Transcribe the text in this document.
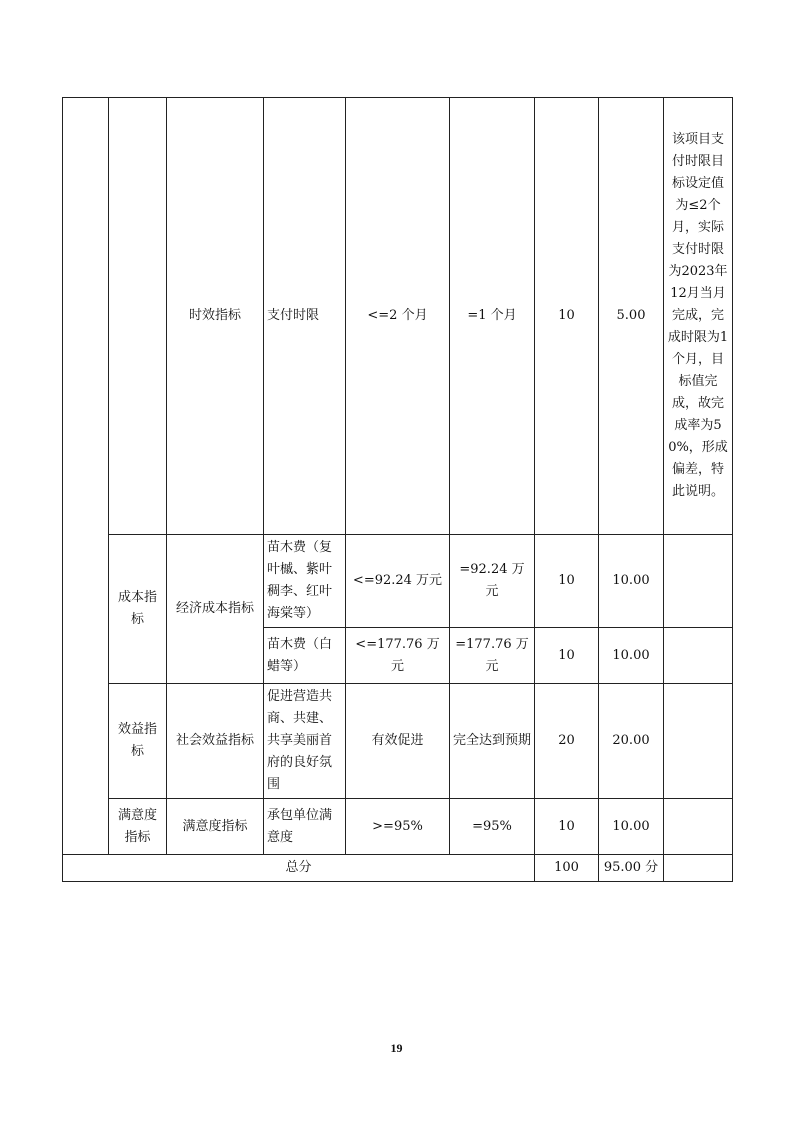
		时效指标	支付时限	<=2 个月	=1 个月	10	5.00	该项目支付时限目标设定值为≤2个月，实际支付时限为2023年12月当月完成，完成时限为1个月，目标值完成，故完成率为50%，形成偏差，特此说明。
	成本指标	经济成本指标	苗木费（复叶槭、紫叶稠李、红叶海棠等）	<=92.24 万元	=92.24 万元	10	10.00	
			苗木费（白蜡等）	<=177.76 万元	=177.76 万元	10	10.00	
	效益指标	社会效益指标	促进营造共商、共建、共享美丽首府的良好氛围	有效促进	完全达到预期	20	20.00	
	满意度指标	满意度指标	承包单位满意度	>=95%	=95%	10	10.00	
总分						100	95.00 分	
19
